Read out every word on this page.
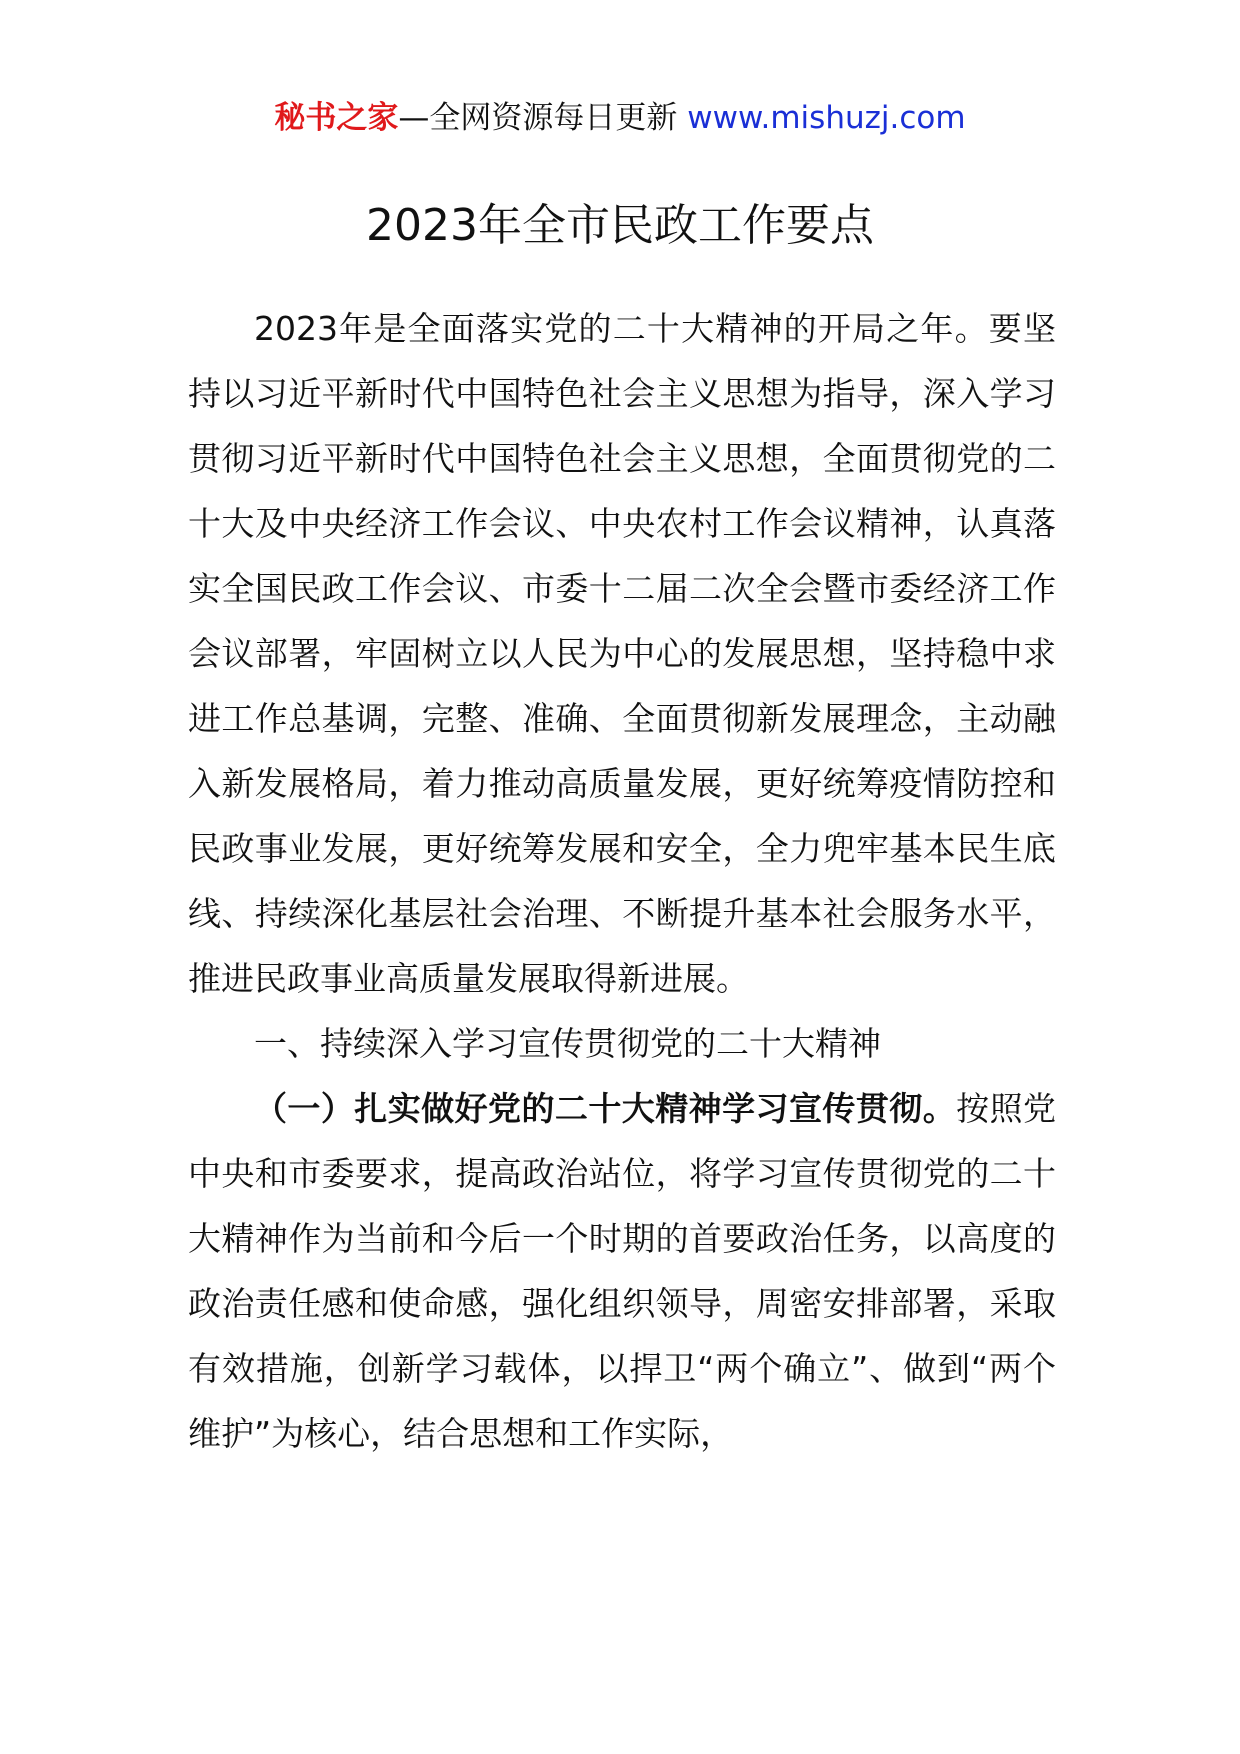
秘书之家—全网资源每日更新 www.mishuzj.com
2023年全市民政工作要点

2023年是全面落实党的二十大精神的开局之年。要坚持以习近平新时代中国特色社会主义思想为指导，深入学习贯彻习近平新时代中国特色社会主义思想，全面贯彻党的二十大及中央经济工作会议、中央农村工作会议精神，认真落实全国民政工作会议、市委十二届二次全会暨市委经济工作会议部署，牢固树立以人民为中心的发展思想，坚持稳中求进工作总基调，完整、准确、全面贯彻新发展理念，主动融入新发展格局，着力推动高质量发展，更好统筹疫情防控和民政事业发展，更好统筹发展和安全，全力兜牢基本民生底线、持续深化基层社会治理、不断提升基本社会服务水平，推进民政事业高质量发展取得新进展。

一、持续深入学习宣传贯彻党的二十大精神

（一）扎实做好党的二十大精神学习宣传贯彻。按照党中央和市委要求，提高政治站位，将学习宣传贯彻党的二十大精神作为当前和今后一个时期的首要政治任务，以高度的政治责任感和使命感，强化组织领导，周密安排部署，采取有效措施，创新学习载体，以捍卫“两个确立”、做到“两个维护”为核心，结合思想和工作实际，
